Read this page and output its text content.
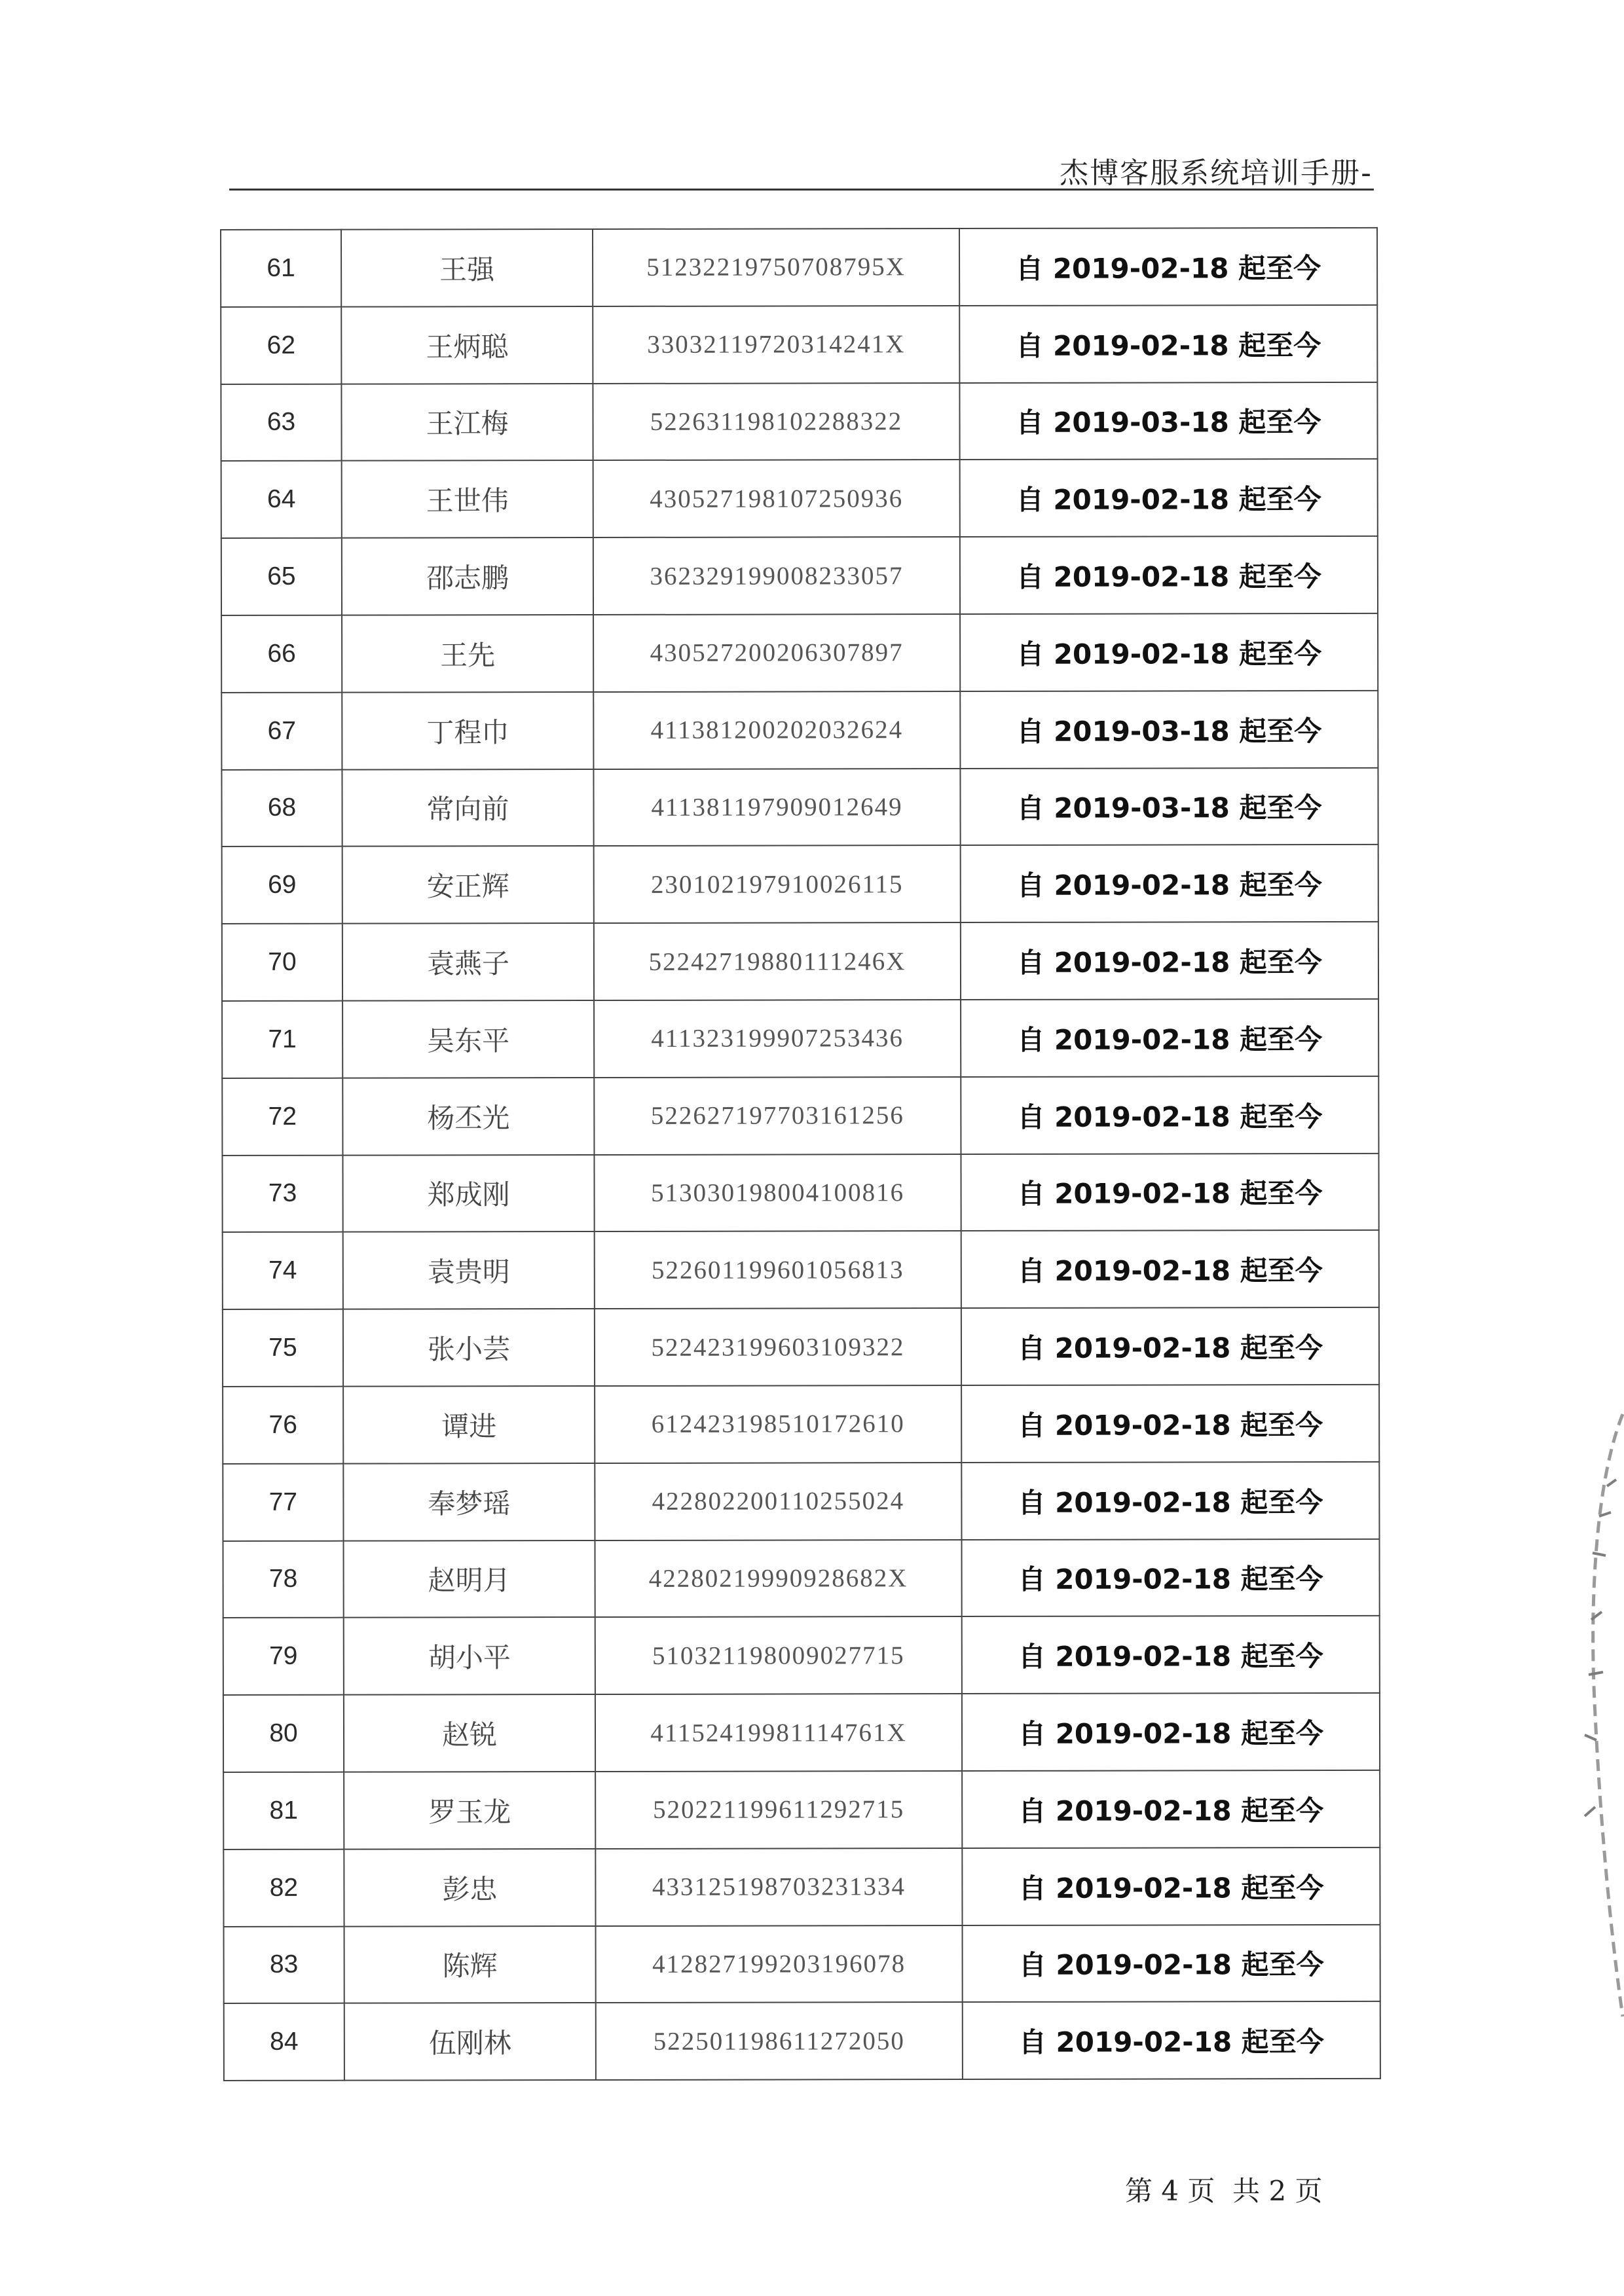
杰博客服系统培训手册-
61	王强	51232219750708795X	自 2019-02-18 起至今
62	王炳聪	33032119720314241X	自 2019-02-18 起至今
63	王江梅	522631198102288322	自 2019-03-18 起至今
64	王世伟	430527198107250936	自 2019-02-18 起至今
65	邵志鹏	362329199008233057	自 2019-02-18 起至今
66	王先	430527200206307897	自 2019-02-18 起至今
67	丁程巾	411381200202032624	自 2019-03-18 起至今
68	常向前	411381197909012649	自 2019-03-18 起至今
69	安正辉	230102197910026115	自 2019-02-18 起至今
70	袁燕子	52242719880111246X	自 2019-02-18 起至今
71	吴东平	411323199907253436	自 2019-02-18 起至今
72	杨丕光	522627197703161256	自 2019-02-18 起至今
73	郑成刚	513030198004100816	自 2019-02-18 起至今
74	袁贵明	522601199601056813	自 2019-02-18 起至今
75	张小芸	522423199603109322	自 2019-02-18 起至今
76	谭进	612423198510172610	自 2019-02-18 起至今
77	奉梦瑶	422802200110255024	自 2019-02-18 起至今
78	赵明月	42280219990928682X	自 2019-02-18 起至今
79	胡小平	510321198009027715	自 2019-02-18 起至今
80	赵锐	41152419981114761X	自 2019-02-18 起至今
81	罗玉龙	520221199611292715	自 2019-02-18 起至今
82	彭忠	433125198703231334	自 2019-02-18 起至今
83	陈辉	412827199203196078	自 2019-02-18 起至今
84	伍刚林	522501198611272050	自 2019-02-18 起至今
第 4 页  共 2 页
